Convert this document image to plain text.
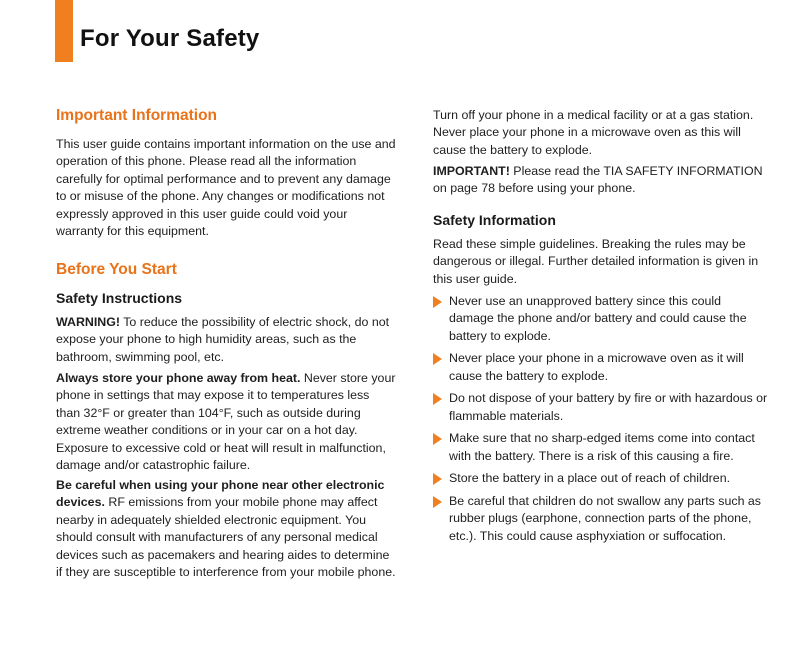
For Your Safety
Important Information

This user guide contains important information on the use and operation of this phone. Please read all the information carefully for optimal performance and to prevent any damage to or misuse of the phone. Any changes or modifications not expressly approved in this user guide could void your warranty for this equipment.

Before You Start
Safety Instructions

WARNING! To reduce the possibility of electric shock, do not expose your phone to high humidity areas, such as the bathroom, swimming pool, etc.

Always store your phone away from heat. Never store your phone in settings that may expose it to temperatures less than 32°F or greater than 104°F, such as outside during extreme weather conditions or in your car on a hot day. Exposure to excessive cold or heat will result in malfunction, damage and/or catastrophic failure.

Be careful when using your phone near other electronic devices. RF emissions from your mobile phone may affect nearby in adequately shielded electronic equipment. You should consult with manufacturers of any personal medical devices such as pacemakers and hearing aides to determine if they are susceptible to interference from your mobile phone.

Turn off your phone in a medical facility or at a gas station. Never place your phone in a microwave oven as this will cause the battery to explode.

IMPORTANT! Please read the TIA SAFETY INFORMATION on page 78 before using your phone.

Safety Information

Read these simple guidelines. Breaking the rules may be dangerous or illegal. Further detailed information is given in this user guide.

Never use an unapproved battery since this could damage the phone and/or battery and could cause the battery to explode.
Never place your phone in a microwave oven as it will cause the battery to explode.
Do not dispose of your battery by fire or with hazardous or flammable materials.
Make sure that no sharp-edged items come into contact with the battery. There is a risk of this causing a fire.
Store the battery in a place out of reach of children.
Be careful that children do not swallow any parts such as rubber plugs (earphone, connection parts of the phone, etc.). This could cause asphyxiation or suffocation.
